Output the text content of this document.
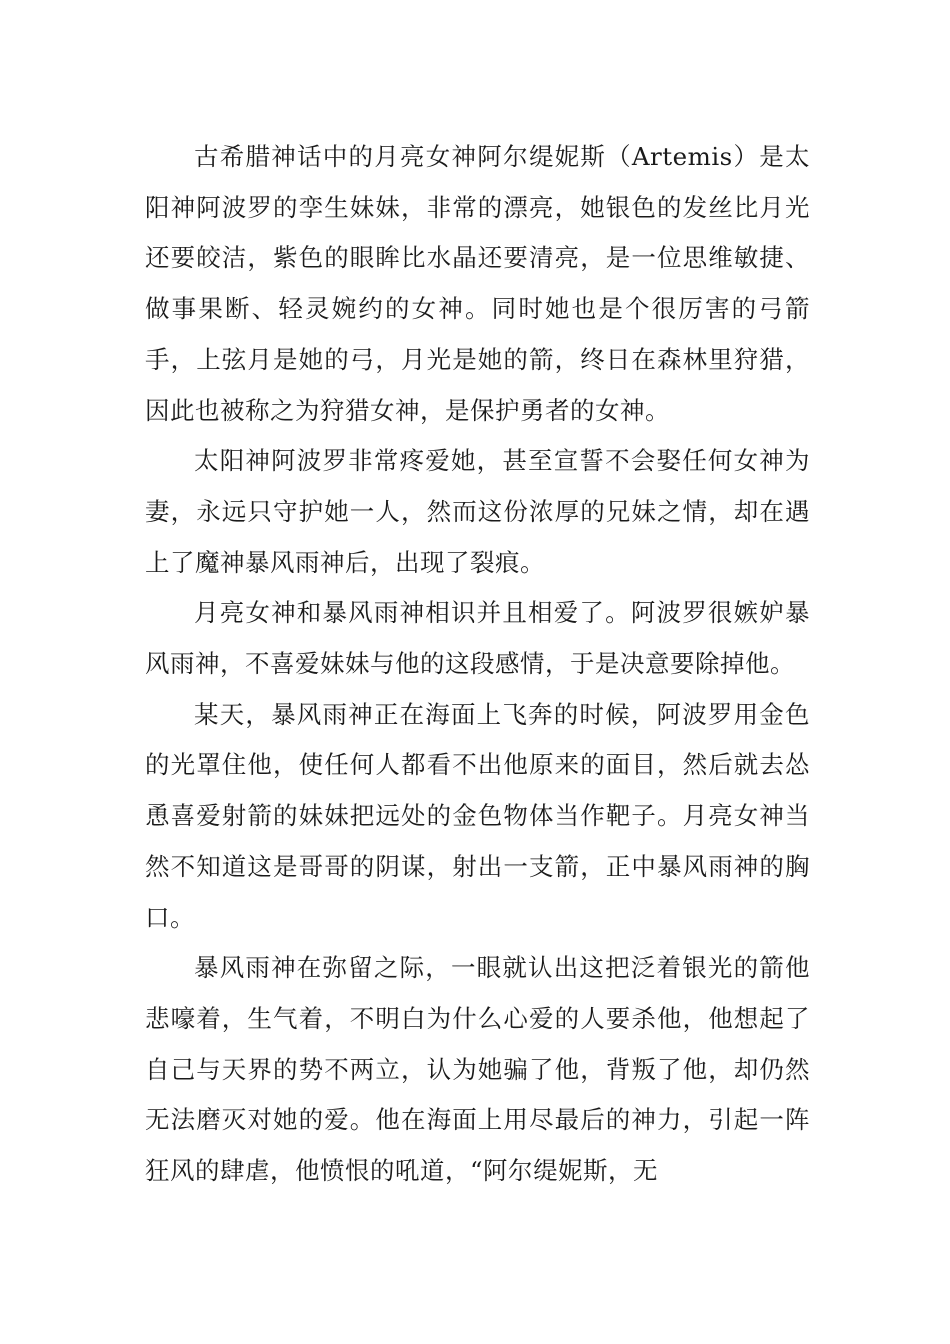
古希腊神话中的月亮女神阿尔缇妮斯（Artemis）是太阳神阿波罗的孪生妹妹，非常的漂亮，她银色的发丝比月光还要皎洁，紫色的眼眸比水晶还要清亮，是一位思维敏捷、做事果断、轻灵婉约的女神。同时她也是个很厉害的弓箭手，上弦月是她的弓，月光是她的箭，终日在森林里狩猎，因此也被称之为狩猎女神，是保护勇者的女神。

太阳神阿波罗非常疼爱她，甚至宣誓不会娶任何女神为妻，永远只守护她一人，然而这份浓厚的兄妹之情，却在遇上了魔神暴风雨神后，出现了裂痕。

月亮女神和暴风雨神相识并且相爱了。阿波罗很嫉妒暴风雨神，不喜爱妹妹与他的这段感情，于是决意要除掉他。

某天，暴风雨神正在海面上飞奔的时候，阿波罗用金色的光罩住他，使任何人都看不出他原来的面目，然后就去怂恿喜爱射箭的妹妹把远处的金色物体当作靶子。月亮女神当然不知道这是哥哥的阴谋，射出一支箭，正中暴风雨神的胸口。

暴风雨神在弥留之际，一眼就认出这把泛着银光的箭他悲嚎着，生气着，不明白为什么心爱的人要杀他，他想起了自己与天界的势不两立，认为她骗了他，背叛了他，却仍然无法磨灭对她的爱。他在海面上用尽最后的神力，引起一阵狂风的肆虐，他愤恨的吼道，“阿尔缇妮斯，无
